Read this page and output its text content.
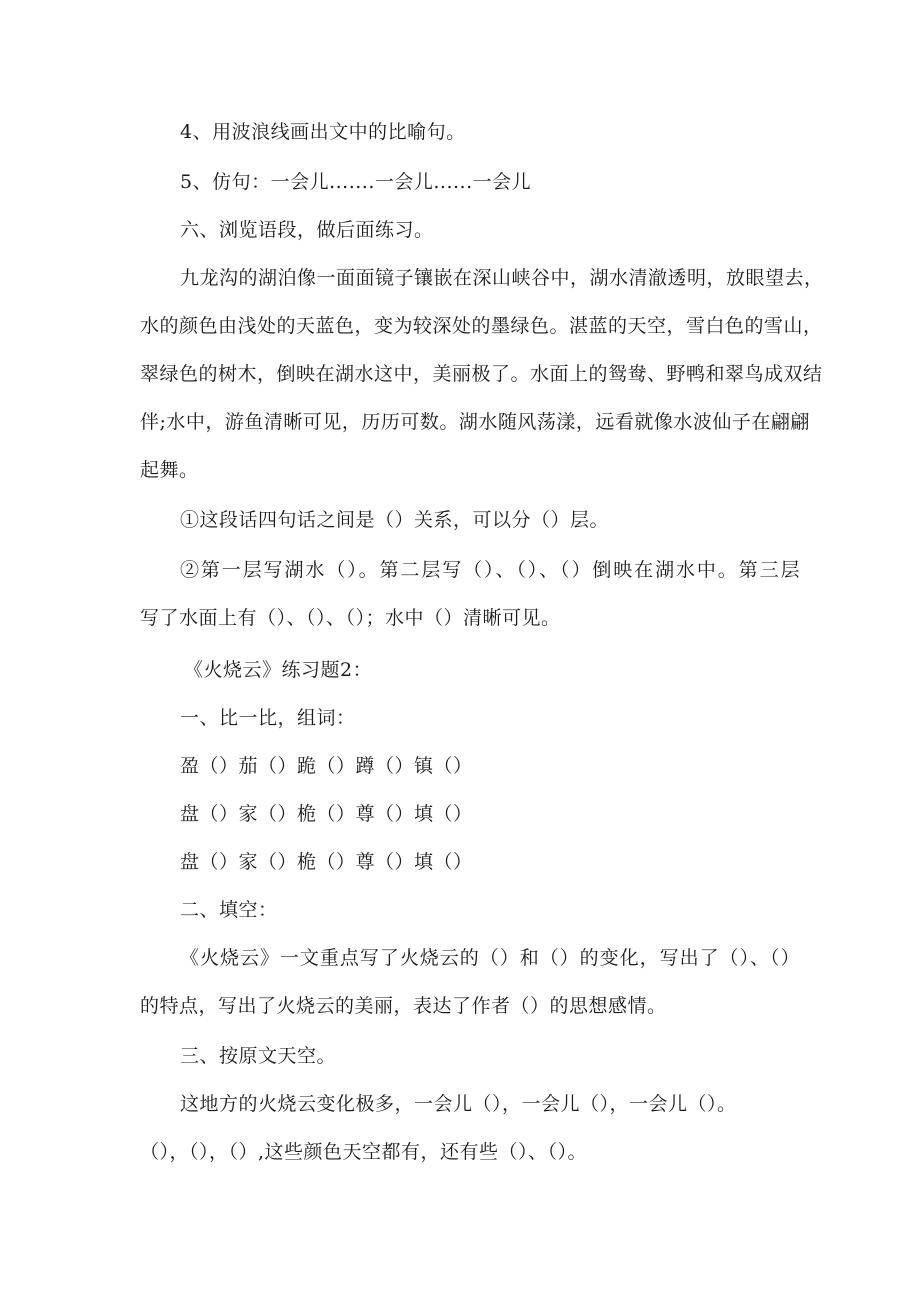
4、用波浪线画出文中的比喻句。
5、仿句：一会儿.......一会儿......一会儿
六、浏览语段，做后面练习。
九龙沟的湖泊像一面面镜子镶嵌在深山峡谷中，湖水清澈透明，放眼望去，
水的颜色由浅处的天蓝色，变为较深处的墨绿色。湛蓝的天空，雪白色的雪山，
翠绿色的树木，倒映在湖水这中，美丽极了。水面上的鸳鸯、野鸭和翠鸟成双结
伴;水中，游鱼清晰可见，历历可数。湖水随风荡漾，远看就像水波仙子在翩翩
起舞。
①这段话四句话之间是（）关系，可以分（）层。
②第一层写湖水（）。第二层写（）、（）、（）倒映在湖水中。第三层
写了水面上有（）、（）、（）；水中（）清晰可见。
《火烧云》练习题2：
一、比一比，组词：
盈（）茄（）跪（）蹲（）镇（）
盘（）家（）桅（）尊（）填（）
盘（）家（）桅（）尊（）填（）
二、填空：
《火烧云》一文重点写了火烧云的（）和（）的变化，写出了（）、（）
的特点，写出了火烧云的美丽，表达了作者（）的思想感情。
三、按原文天空。
这地方的火烧云变化极多，一会儿（），一会儿（），一会儿（）。
（），（），（）,这些颜色天空都有，还有些（）、（）。
